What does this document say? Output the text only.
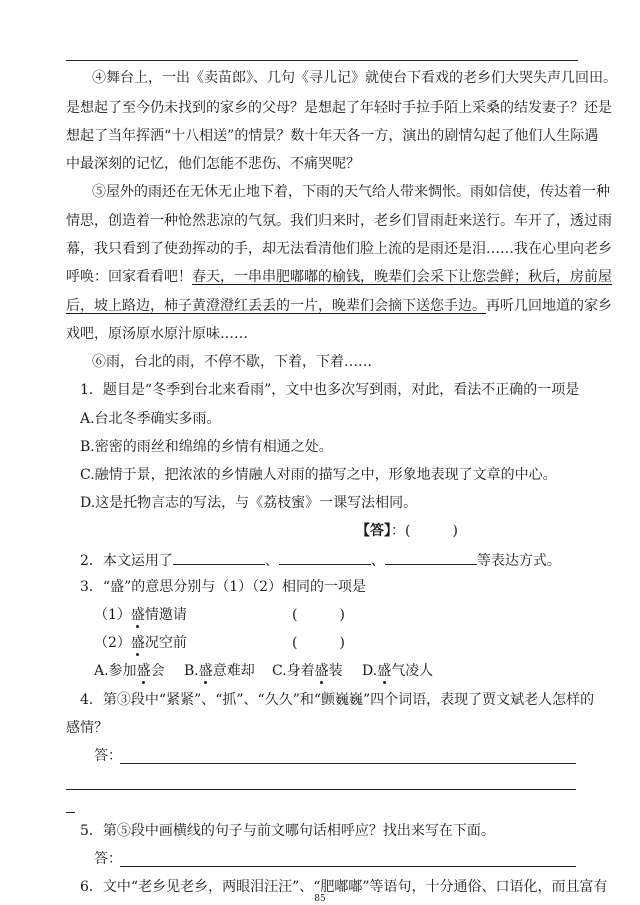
④舞台上，一出《卖苗郎》、几句《寻儿记》就使台下看戏的老乡们大哭失声几回田。
是想起了至今仍未找到的家乡的父母？是想起了年轻时手拉手陌上采桑的结发妻子？还是
想起了当年挥洒“十八相送”的情景？数十年天各一方，演出的剧情勾起了他们人生际遇
中最深刻的记忆，他们怎能不悲伤、不痛哭呢？
⑤屋外的雨还在无休无止地下着，下雨的天气给人带来惆怅。雨如信使，传达着一种
情思，创造着一种怆然悲凉的气氛。我们归来时，老乡们冒雨赶来送行。车开了，透过雨
幕，我只看到了使劲挥动的手，却无法看清他们脸上流的是雨还是泪……我在心里向老乡
呼唤：回家看看吧！春天，一串串肥嘟嘟的榆钱，晚辈们会采下让您尝鲜；秋后，房前屋
后，坡上路边，柿子黄澄澄红丢丢的一片，晚辈们会摘下送您手边。再听几回地道的家乡
戏吧，原汤原水原汁原味……
⑥雨，台北的雨，不停不歇，下着，下着……
1．题目是“冬季到台北来看雨”，文中也多次写到雨，对此，看法不正确的一项是
A.台北冬季确实多雨。
B.密密的雨丝和绵绵的乡情有相通之处。
C.融情于景，把浓浓的乡情融人对雨的描写之中，形象地表现了文章的中心。
D.这是托物言志的写法，与《荔枝蜜》一课写法相同。
【答】：(　　　)
2．本文运用了	、	、	等表达方式。
3．“盛”的意思分别与（1）（2）相同的一项是
（1）盛情邀请	(　　　)
（2）盛况空前	(　　　)
A.参加盛会 B.盛意难却 C.身着盛装 D.盛气凌人
4．第③段中“紧紧”、“抓”、“久久”和“颤巍巍”四个词语，表现了贾文斌老人怎样的
感情？
答：
85
5．第⑤段中画横线的句子与前文哪句话相呼应？找出来写在下面。
答：
6．文中“老乡见老乡，两眼泪汪汪”、“肥嘟嘟”等语句，十分通俗、口语化，而且富有
